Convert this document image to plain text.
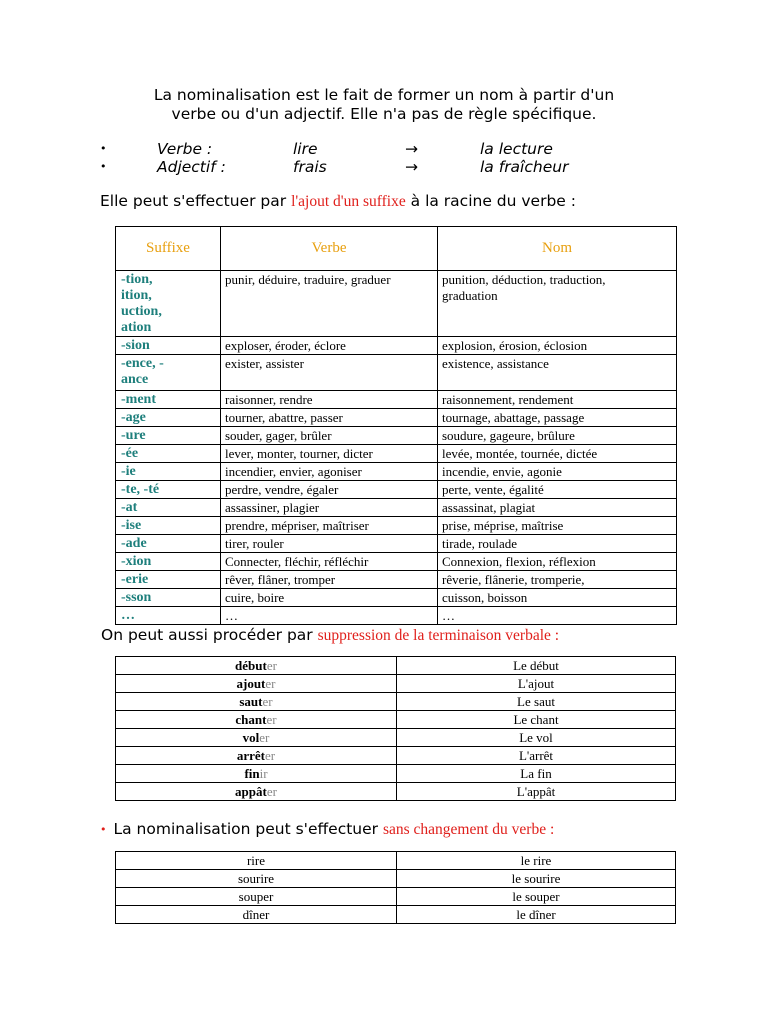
La nominalisation est le fait de former un nom à partir d'un
verbe ou d'un adjectif. Elle n'a pas de règle spécifique.
•	Verbe :	lire	→	la lecture
•	Adjectif :	frais	→	la fraîcheur
Elle peut s'effectuer par l'ajout d'un suffixe à la racine du verbe :
Suffixe	Verbe	Nom
-tion,
ition,
uction,
ation	punir, déduire, traduire, graduer	punition, déduction, traduction,
graduation
-sion	exploser, éroder, éclore	explosion, érosion, éclosion
-ence, -
ance	exister, assister	existence, assistance
-ment	raisonner, rendre	raisonnement, rendement
-age	tourner, abattre, passer	tournage, abattage, passage
-ure	souder, gager, brûler	soudure, gageure, brûlure
-ée	lever, monter, tourner, dicter	levée, montée, tournée, dictée
-ie	incendier, envier, agoniser	incendie, envie, agonie
-te, -té	perdre, vendre, égaler	perte, vente, égalité
-at	assassiner, plagier	assassinat, plagiat
-ise	prendre, mépriser, maîtriser	prise, méprise, maîtrise
-ade	tirer, rouler	tirade, roulade
-xion	Connecter, fléchir, réfléchir	Connexion, flexion, réflexion
-erie	rêver, flâner, tromper	rêverie, flânerie, tromperie,
-sson	cuire, boire	cuisson, boisson
…	…	…
On peut aussi procéder par suppression de la terminaison verbale :
débuter	Le début
ajouter	L'ajout
sauter	Le saut
chanter	Le chant
voler	Le vol
arrêter	L'arrêt
finir	La fin
appâter	L'appât
• La nominalisation peut s'effectuer sans changement du verbe :
rire	le rire
sourire	le sourire
souper	le souper
dîner	le dîner
